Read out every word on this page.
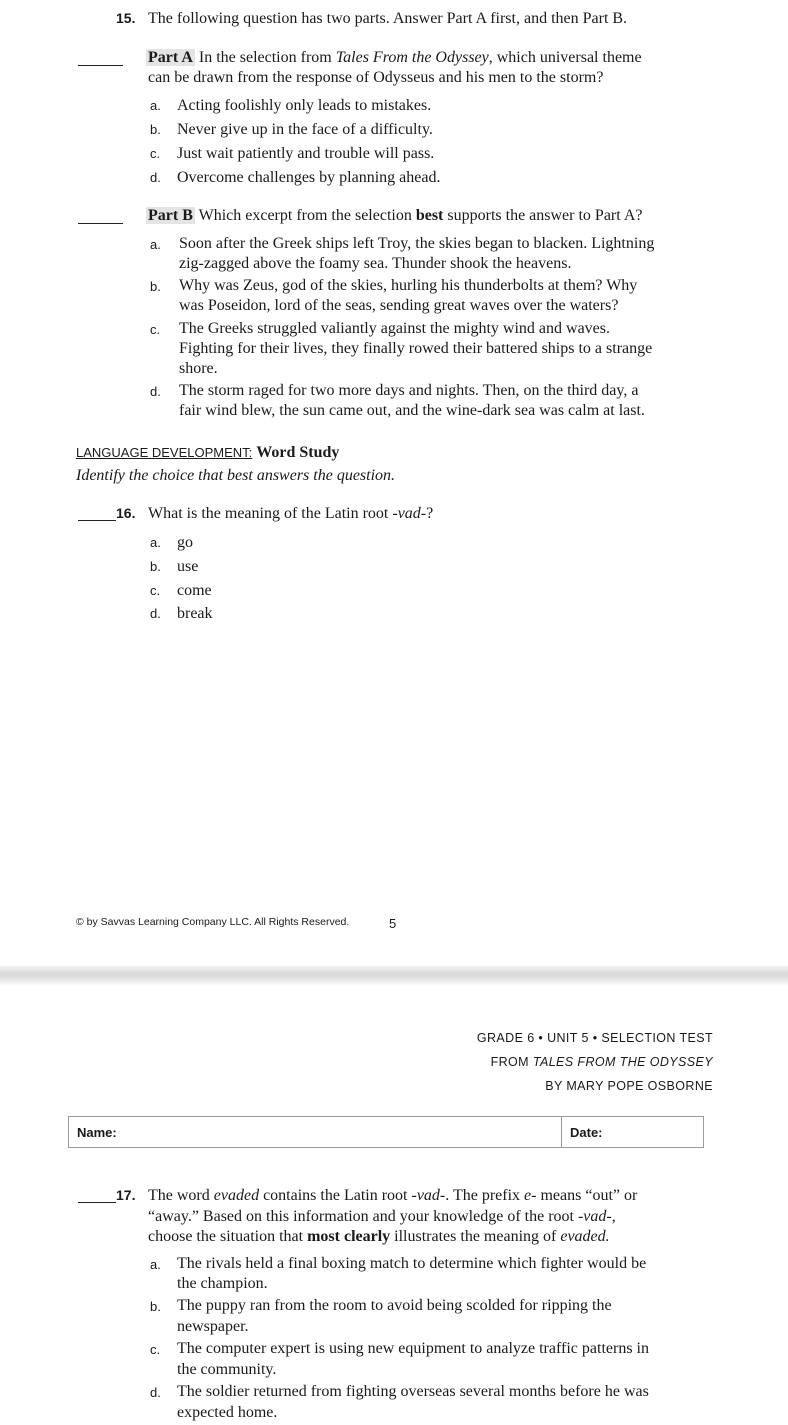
15. The following question has two parts. Answer Part A first, and then Part B.
Part A In the selection from Tales From the Odyssey, which universal theme
can be drawn from the response of Odysseus and his men to the storm?
a. Acting foolishly only leads to mistakes.
b. Never give up in the face of a difficulty.
c. Just wait patiently and trouble will pass.
d. Overcome challenges by planning ahead.
Part B Which excerpt from the selection best supports the answer to Part A?
a. Soon after the Greek ships left Troy, the skies began to blacken. Lightning
zig-zagged above the foamy sea. Thunder shook the heavens.
b. Why was Zeus, god of the skies, hurling his thunderbolts at them? Why
was Poseidon, lord of the seas, sending great waves over the waters?
c. The Greeks struggled valiantly against the mighty wind and waves.
Fighting for their lives, they finally rowed their battered ships to a strange
shore.
d. The storm raged for two more days and nights. Then, on the third day, a
fair wind blew, the sun came out, and the wine-dark sea was calm at last.
LANGUAGE DEVELOPMENT: Word Study
Identify the choice that best answers the question.
16. What is the meaning of the Latin root -vad-?
a. go
b. use
c. come
d. break
© by Savvas Learning Company LLC. All Rights Reserved.	5
GRADE 6 • UNIT 5 • SELECTION TEST
FROM TALES FROM THE ODYSSEY
BY MARY POPE OSBORNE
Name:	Date:
17. The word evaded contains the Latin root -vad-. The prefix e- means “out” or
“away.” Based on this information and your knowledge of the root -vad-,
choose the situation that most clearly illustrates the meaning of evaded.
a. The rivals held a final boxing match to determine which fighter would be
the champion.
b. The puppy ran from the room to avoid being scolded for ripping the
newspaper.
c. The computer expert is using new equipment to analyze traffic patterns in
the community.
d. The soldier returned from fighting overseas several months before he was
expected home.
